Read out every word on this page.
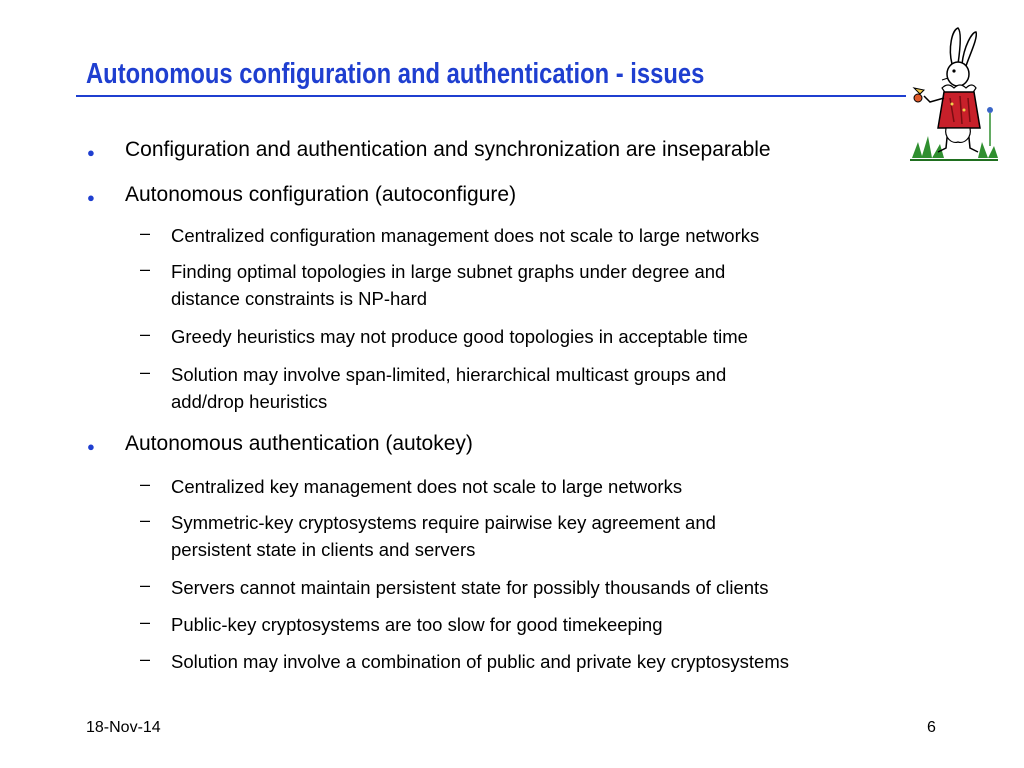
Autonomous configuration and authentication - issues
● Configuration and authentication and synchronization are inseparable
● Autonomous configuration (autoconfigure)
– Centralized configuration management does not scale to large networks
– Finding optimal topologies in large subnet graphs under degree and
distance constraints is NP-hard
– Greedy heuristics may not produce good topologies in acceptable time
– Solution may involve span-limited, hierarchical multicast groups and
add/drop heuristics
● Autonomous authentication (autokey)
– Centralized key management does not scale to large networks
– Symmetric-key cryptosystems require pairwise key agreement and
persistent state in clients and servers
– Servers cannot maintain persistent state for possibly thousands of clients
– Public-key cryptosystems are too slow for good timekeeping
– Solution may involve a combination of public and private key cryptosystems
18-Nov-14	6
